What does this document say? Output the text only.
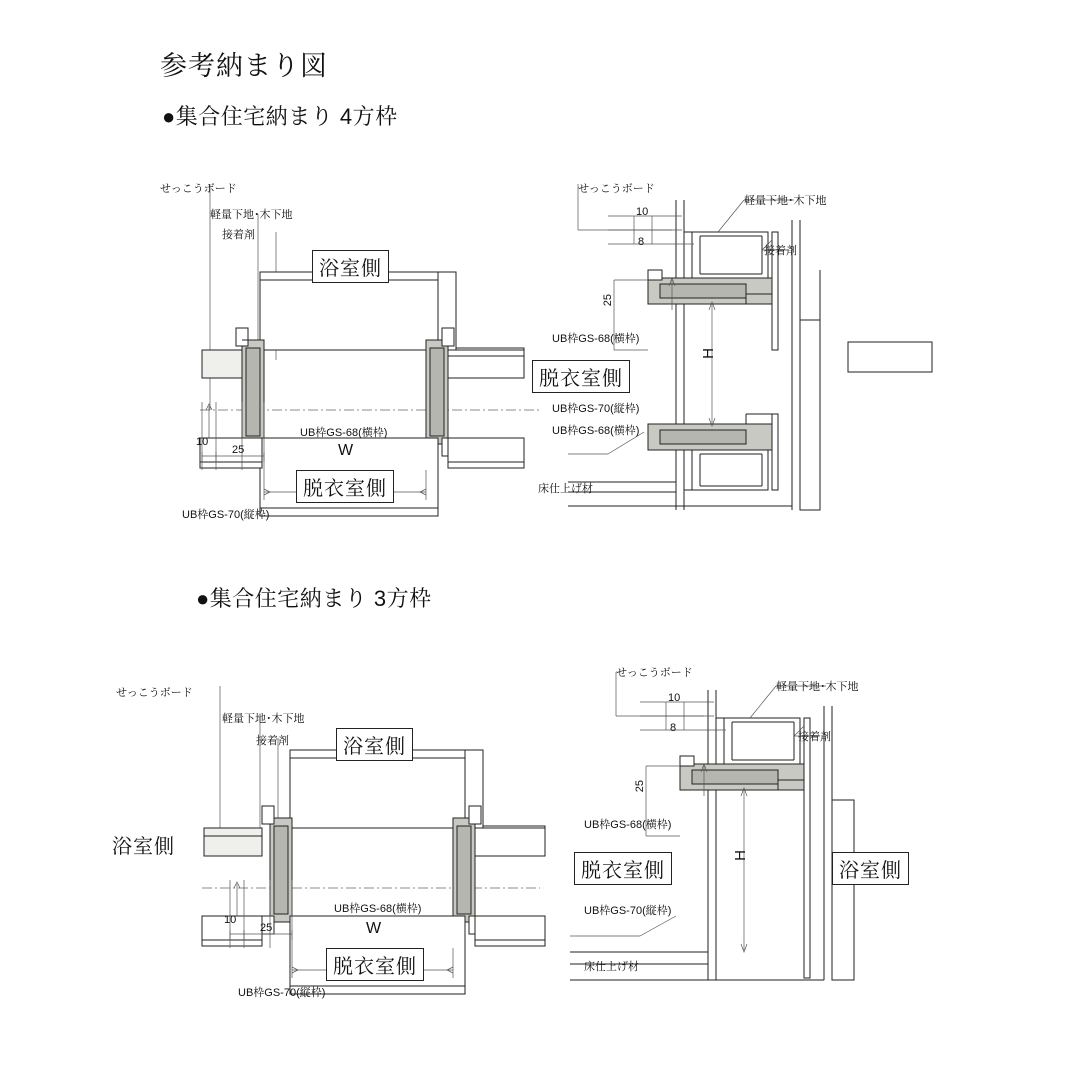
参考納まり図
●集合住宅納まり 4方枠
せっこうボード
軽量下地･木下地
接着剤
UB枠GS-68(横枠)
UB枠GS-70(縦枠)
10
25	W
浴室側
脱衣室側
せっこうボード
軽量下地･木下地
接着剤
UB枠GS-68(横枠)
UB枠GS-70(縦枠)
UB枠GS-68(横枠)
床仕上げ材
10
8
25
H
脱衣室側
●集合住宅納まり 3方枠
せっこうボード
軽量下地･木下地
接着剤
UB枠GS-68(横枠)
UB枠GS-70(縦枠)
10
25	W
浴室側
浴室側
脱衣室側
せっこうボード
軽量下地･木下地
接着剤
UB枠GS-68(横枠)
UB枠GS-70(縦枠)
床仕上げ材
10
8
25
H
脱衣室側	浴室側
